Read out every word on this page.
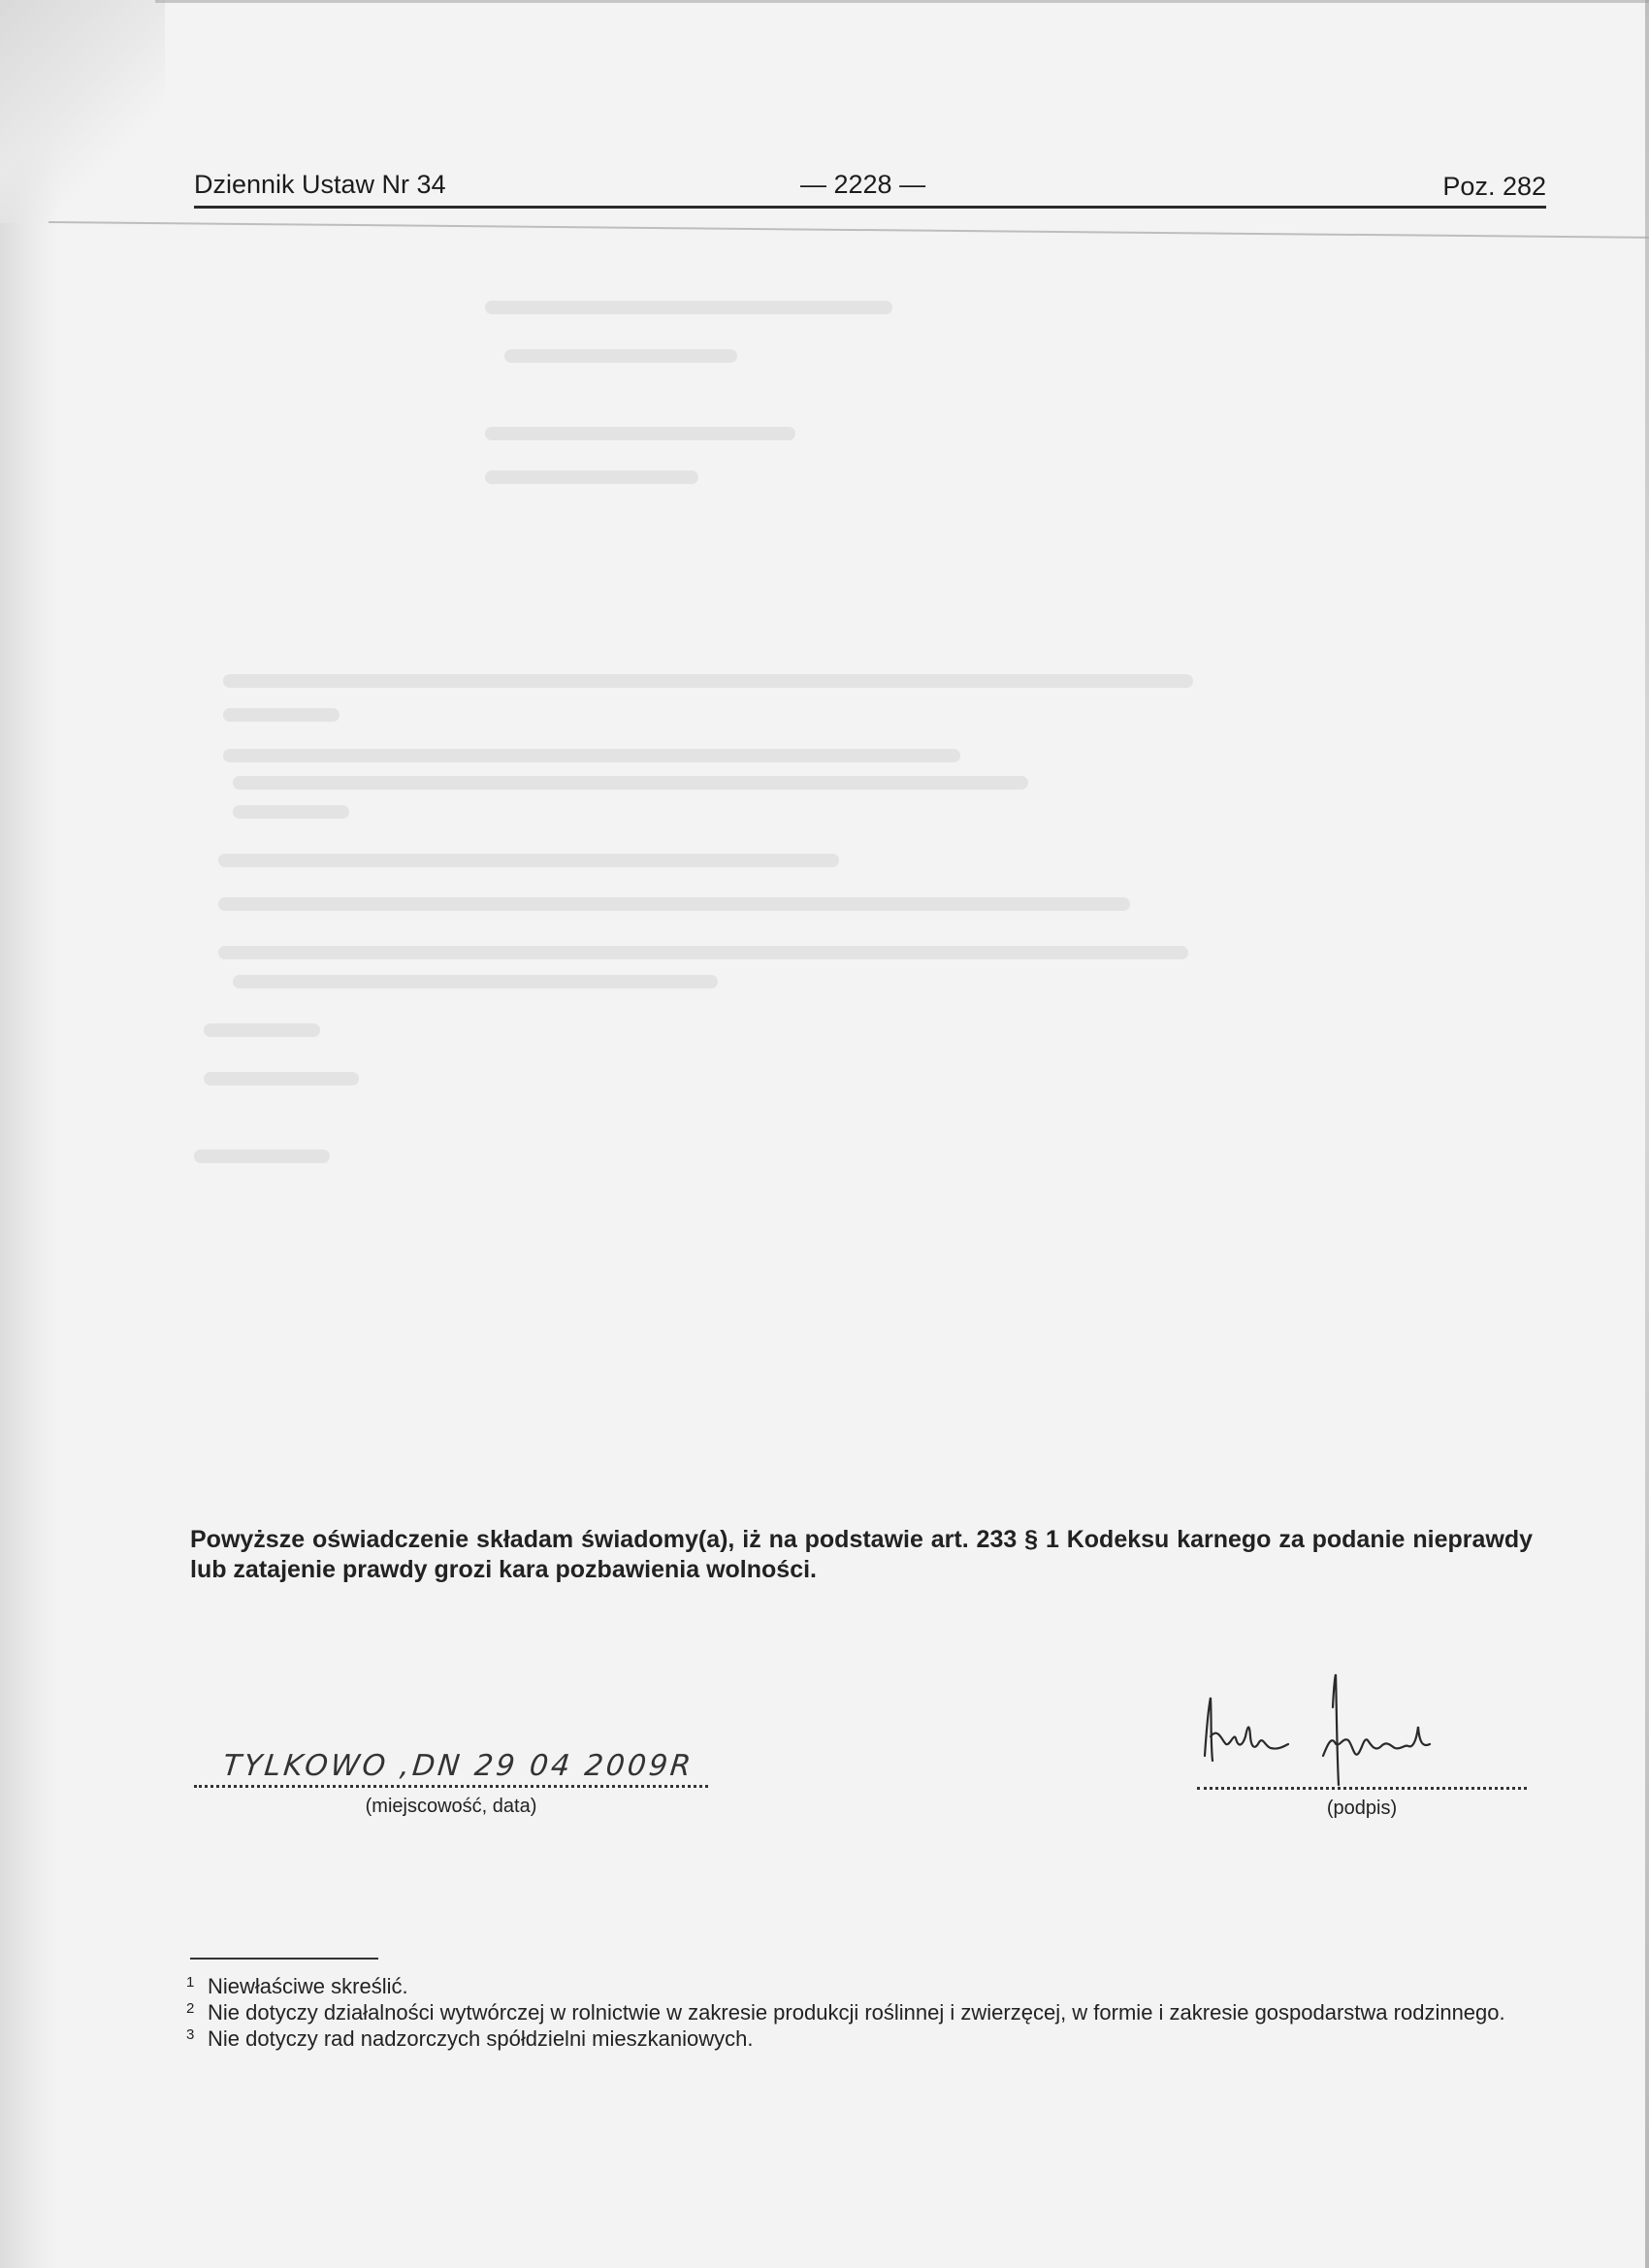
Dziennik Ustaw Nr 34	— 2228 —	Poz. 282
Powyższe oświadczenie składam świadomy(a), iż na podstawie art. 233 § 1 Kodeksu karnego za podanie nieprawdy lub zatajenie prawdy grozi kara pozbawienia wolności.
TYLKOWO ,DN 29 04 2009R
(miejscowość, data)	(podpis)
1 Niewłaściwe skreślić.
2 Nie dotyczy działalności wytwórczej w rolnictwie w zakresie produkcji roślinnej i zwierzęcej, w formie i zakresie gospodarstwa rodzinnego.
3 Nie dotyczy rad nadzorczych spółdzielni mieszkaniowych.
